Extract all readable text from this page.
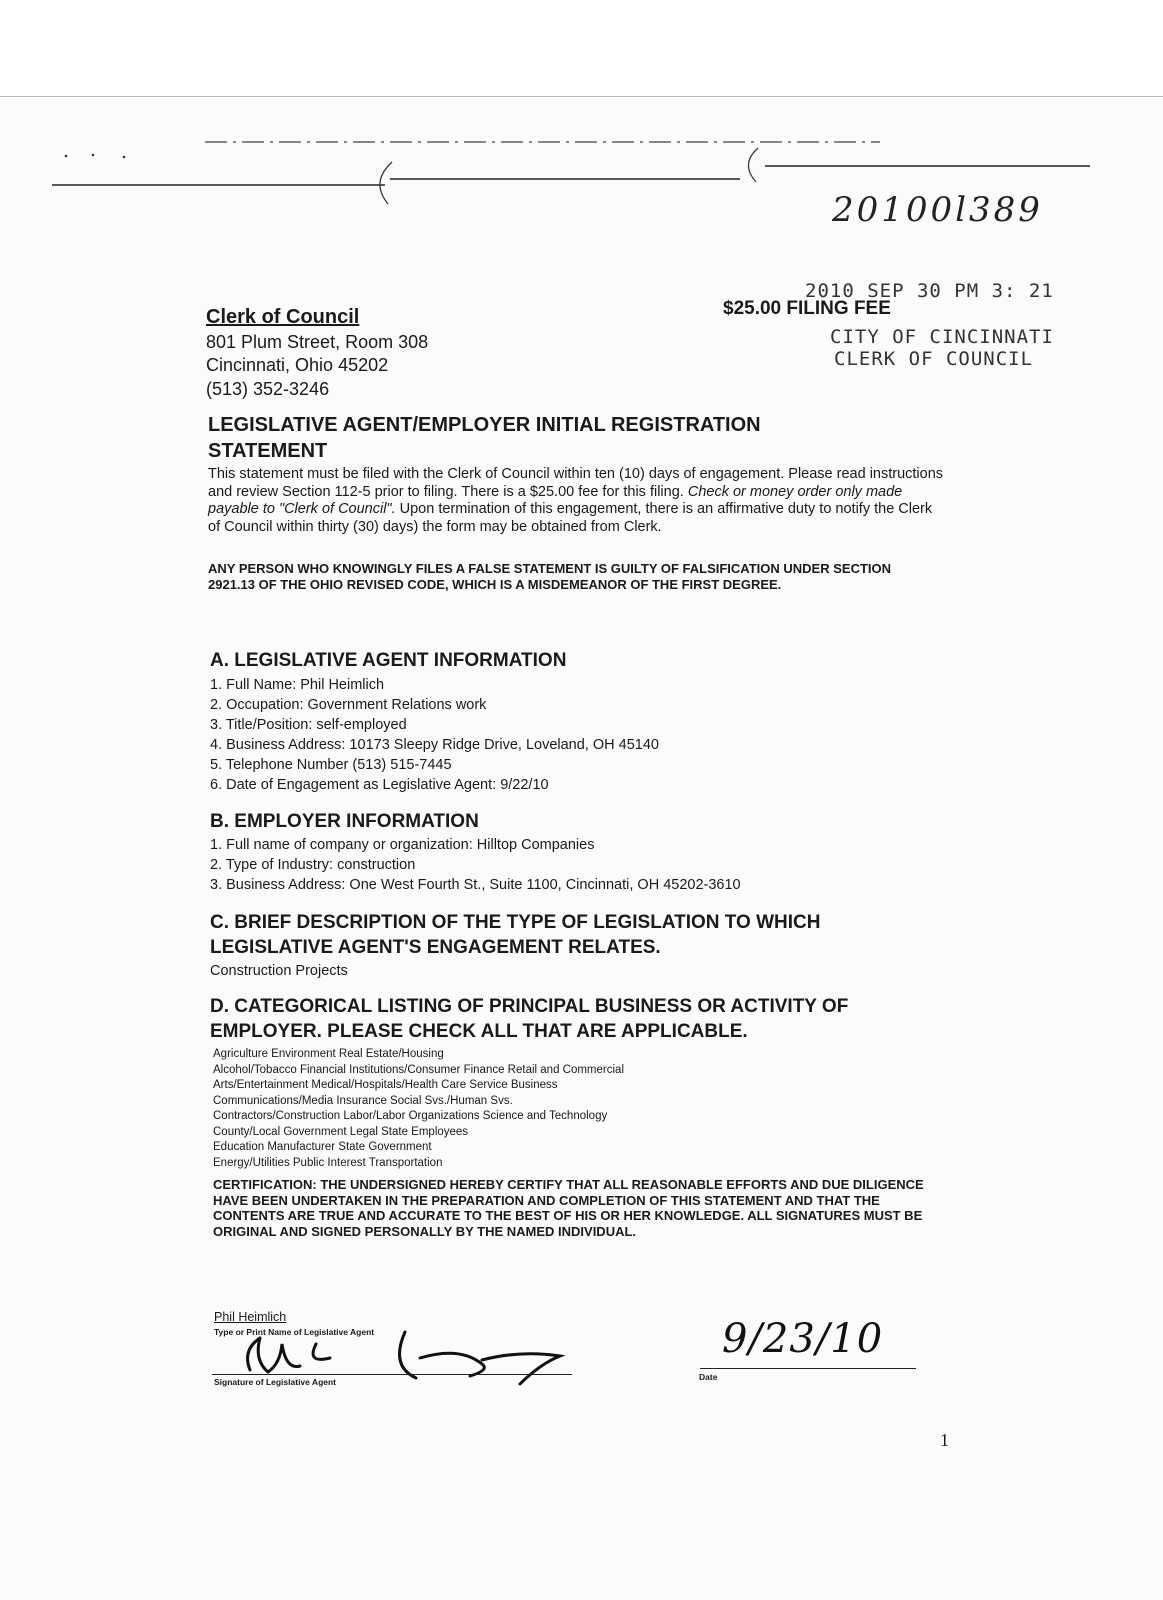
20100l389
Clerk of Council
801 Plum Street, Room 308
Cincinnati, Ohio 45202
(513) 352-3246
$25.00 FILING FEE
2010 SEP 30 PM 3: 21
CITY OF CINCINNATI
CLERK OF COUNCIL
LEGISLATIVE AGENT/EMPLOYER INITIAL REGISTRATION STATEMENT
This statement must be filed with the Clerk of Council within ten (10) days of engagement. Please read instructions and review Section 112-5 prior to filing. There is a $25.00 fee for this filing. Check or money order only made payable to "Clerk of Council". Upon termination of this engagement, there is an affirmative duty to notify the Clerk of Council within thirty (30) days) the form may be obtained from Clerk.
ANY PERSON WHO KNOWINGLY FILES A FALSE STATEMENT IS GUILTY OF FALSIFICATION UNDER SECTION 2921.13 OF THE OHIO REVISED CODE, WHICH IS A MISDEMEANOR OF THE FIRST DEGREE.
A. LEGISLATIVE AGENT INFORMATION
1. Full Name: Phil Heimlich
2. Occupation: Government Relations work
3. Title/Position: self-employed
4. Business Address: 10173 Sleepy Ridge Drive, Loveland, OH 45140
5. Telephone Number (513) 515-7445
6. Date of Engagement as Legislative Agent: 9/22/10
B. EMPLOYER INFORMATION
1. Full name of company or organization: Hilltop Companies
2. Type of Industry: construction
3. Business Address: One West Fourth St., Suite 1100, Cincinnati, OH 45202-3610
C. BRIEF DESCRIPTION OF THE TYPE OF LEGISLATION TO WHICH LEGISLATIVE AGENT'S ENGAGEMENT RELATES.
Construction Projects
D. CATEGORICAL LISTING OF PRINCIPAL BUSINESS OR ACTIVITY OF EMPLOYER. PLEASE CHECK ALL THAT ARE APPLICABLE.
Agriculture Environment Real Estate/Housing
Alcohol/Tobacco Financial Institutions/Consumer Finance Retail and Commercial
Arts/Entertainment Medical/Hospitals/Health Care Service Business
Communications/Media Insurance Social Svs./Human Svs.
Contractors/Construction Labor/Labor Organizations Science and Technology
County/Local Government Legal State Employees
Education Manufacturer State Government
Energy/Utilities Public Interest Transportation
CERTIFICATION: THE UNDERSIGNED HEREBY CERTIFY THAT ALL REASONABLE EFFORTS AND DUE DILIGENCE HAVE BEEN UNDERTAKEN IN THE PREPARATION AND COMPLETION OF THIS STATEMENT AND THAT THE CONTENTS ARE TRUE AND ACCURATE TO THE BEST OF HIS OR HER KNOWLEDGE. ALL SIGNATURES MUST BE ORIGINAL AND SIGNED PERSONALLY BY THE NAMED INDIVIDUAL.
Phil Heimlich
Type or Print Name of Legislative Agent
Signature of Legislative Agent
9/23/10
Date
1
